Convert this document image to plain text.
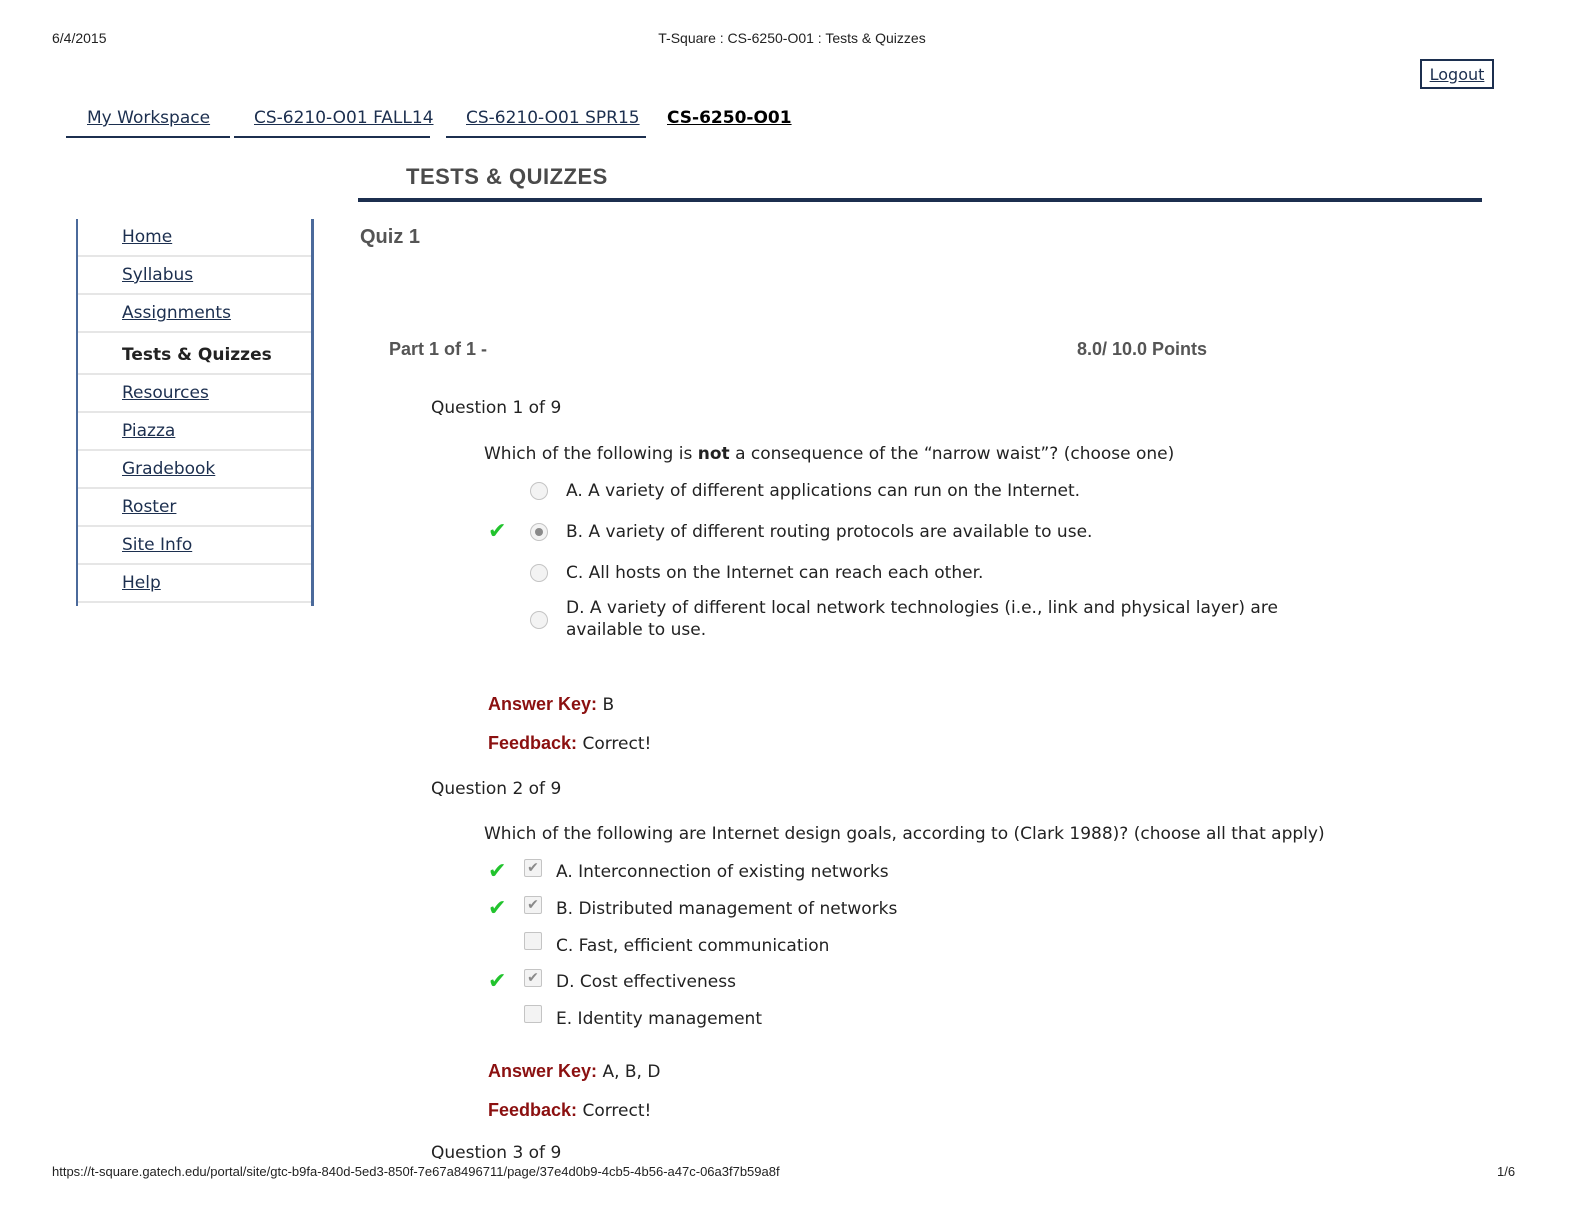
6/4/2015	T-Square : CS-6250-O01 : Tests & Quizzes
Logout
My Workspace	CS-6210-O01 FALL14 CS-6210-O01 SPR15 CS-6250-O01
TESTS & QUIZZES
Home
Syllabus
Assignments
Tests & Quizzes
Resources
Piazza
Gradebook
Roster
Site Info
Help
Quiz 1
Part 1 of 1 -	8.0/ 10.0 Points
Question 1 of 9
Which of the following is not a consequence of the “narrow waist”? (choose one)
A. A variety of different applications can run on the Internet.
✔	B. A variety of different routing protocols are available to use.
C. All hosts on the Internet can reach each other.
D. A variety of different local network technologies (i.e., link and physical layer) are available to use.
Answer Key: B
Feedback: Correct!
Question 2 of 9
Which of the following are Internet design goals, according to (Clark 1988)? (choose all that apply)
✔ ✔ A. Interconnection of existing networks
✔ ✔ B. Distributed management of networks
C. Fast, efficient communication
✔ ✔ D. Cost effectiveness
E. Identity management
Answer Key: A, B, D
Feedback: Correct!
Question 3 of 9
https://t-square.gatech.edu/portal/site/gtc-b9fa-840d-5ed3-850f-7e67a8496711/page/37e4d0b9-4cb5-4b56-a47c-06a3f7b59a8f	1/6
